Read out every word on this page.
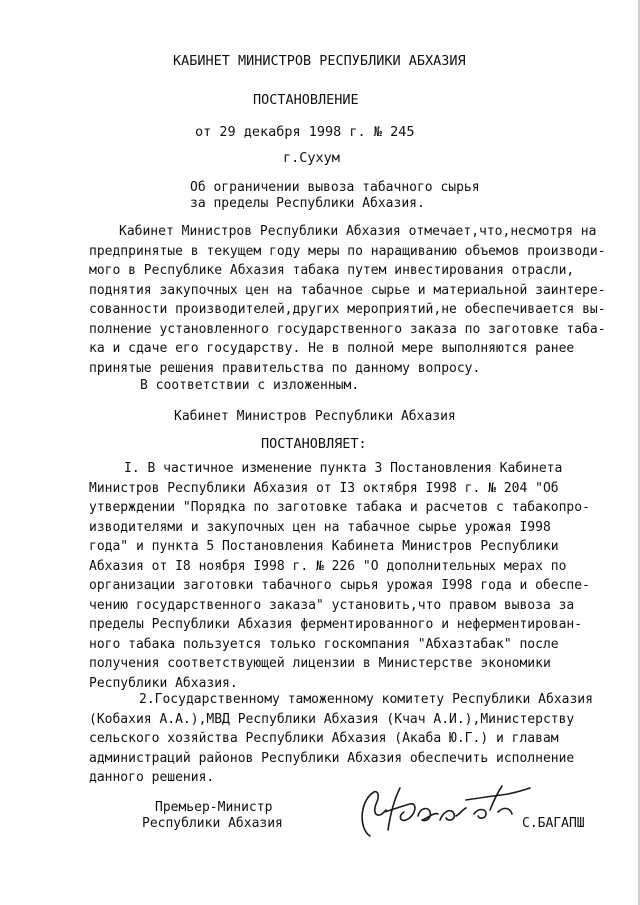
КАБИНЕТ МИНИСТРОВ РЕСПУБЛИКИ АБХАЗИЯ
ПОСТАНОВЛЕНИЕ
от 29 декабря 1998 г. № 245
г.Сухум
Об ограничении вывоза табачного сырья
за пределы Республики Абхазия.
Кабинет Министров Республики Абхазия отмечает,что,несмотря на
предпринятые в текущем году меры по наращиванию объемов производи-
мого в Республике Абхазия табака путем инвестирования отрасли,
поднятия закупочных цен на табачное сырье и материальной заинтере-
сованности производителей,других мероприятий,не обеспечивается вы-
полнение установленного государственного заказа по заготовке таба-
ка и сдаче его государству. Не в полной мере выполняются ранее
принятые решения правительства по данному вопросу.
В соответствии с изложенным.
Кабинет Министров Республики Абхазия
ПОСТАНОВЛЯЕТ:
I. В частичное изменение пункта 3 Постановления Кабинета
Министров Республики Абхазия от I3 октября I998 г. № 204 "Об
утверждении "Порядка по заготовке табака и расчетов с табакопро-
изводителями и закупочных цен на табачное сырье урожая I998
года" и пункта 5 Постановления Кабинета Министров Республики
Абхазия от I8 ноября I998 г. № 226 "О дополнительных мерах по
организации заготовки табачного сырья урожая I998 года и обеспе-
чению государственного заказа" установить,что правом вывоза за
пределы Республики Абхазия ферментированного и неферментирован-
ного табака пользуется только госкомпания "Абхазтабак" после
получения соответствующей лицензии в Министерстве экономики
Республики Абхазия.
2.Государственному таможенному комитету Республики Абхазия
(Кобахия А.А.),МВД Республики Абхазия (Кчач А.И.),Министерству
сельского хозяйства Республики Абхазия (Акаба Ю.Г.) и главам
администраций районов Республики Абхазия обеспечить исполнение
данного решения.
Премьер-Министр
Республики Абхазия	С.БАГАПШ
